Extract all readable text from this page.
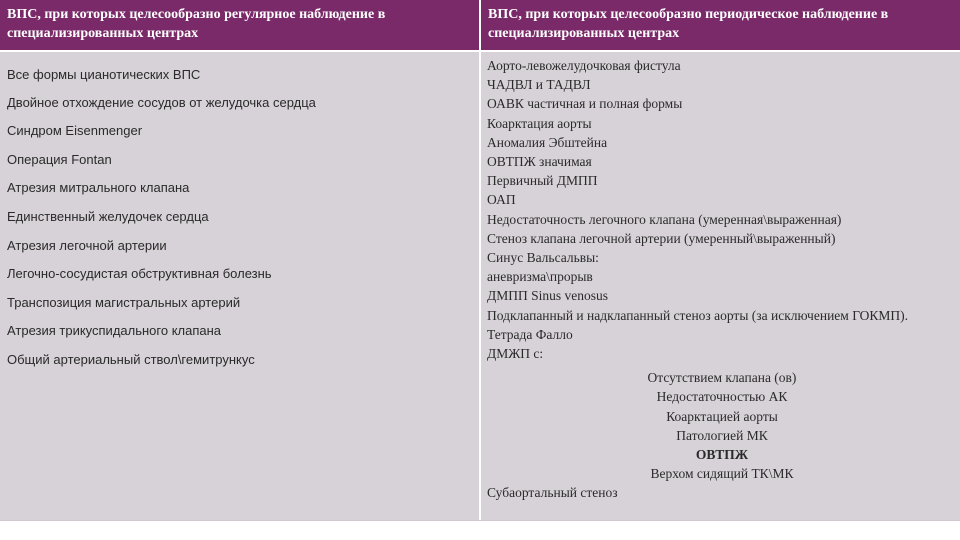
ВПС, при которых целесообразно регулярное наблюдение в специализированных центрах
ВПС, при которых целесообразно периодическое наблюдение в специализированных центрах
Все формы цианотических ВПС
Двойное отхождение сосудов от желудочка сердца
Синдром Eisenmenger
Операция Fontan
Атрезия митрального клапана
Единственный желудочек сердца
Атрезия легочной артерии
Легочно-сосудистая обструктивная болезнь
Транспозиция магистральных артерий
Атрезия трикуспидального клапана
Общий артериальный ствол\гемитрункус
Аорто-левожелудочковая фистула
ЧАДВЛ и ТАДВЛ
ОАВК частичная и полная формы
Коарктация аорты
Аномалия Эбштейна
ОВТПЖ значимая
Первичный ДМПП
ОАП
Недостаточность легочного клапана (умеренная\выраженная)
Стеноз клапана легочной артерии (умеренный\выраженный)
Синус Вальсальвы:
аневризма\прорыв
ДМПП Sinus venosus
Подклапанный и надклапанный стеноз аорты (за исключением ГОКМП).
Тетрада Фалло
ДМЖП с:
Отсутствием клапана (ов)
Недостаточностью АК
Коарктацией аорты
Патологией МК
ОВТПЖ
Верхом сидящий ТК\МК
Субаортальный стеноз
